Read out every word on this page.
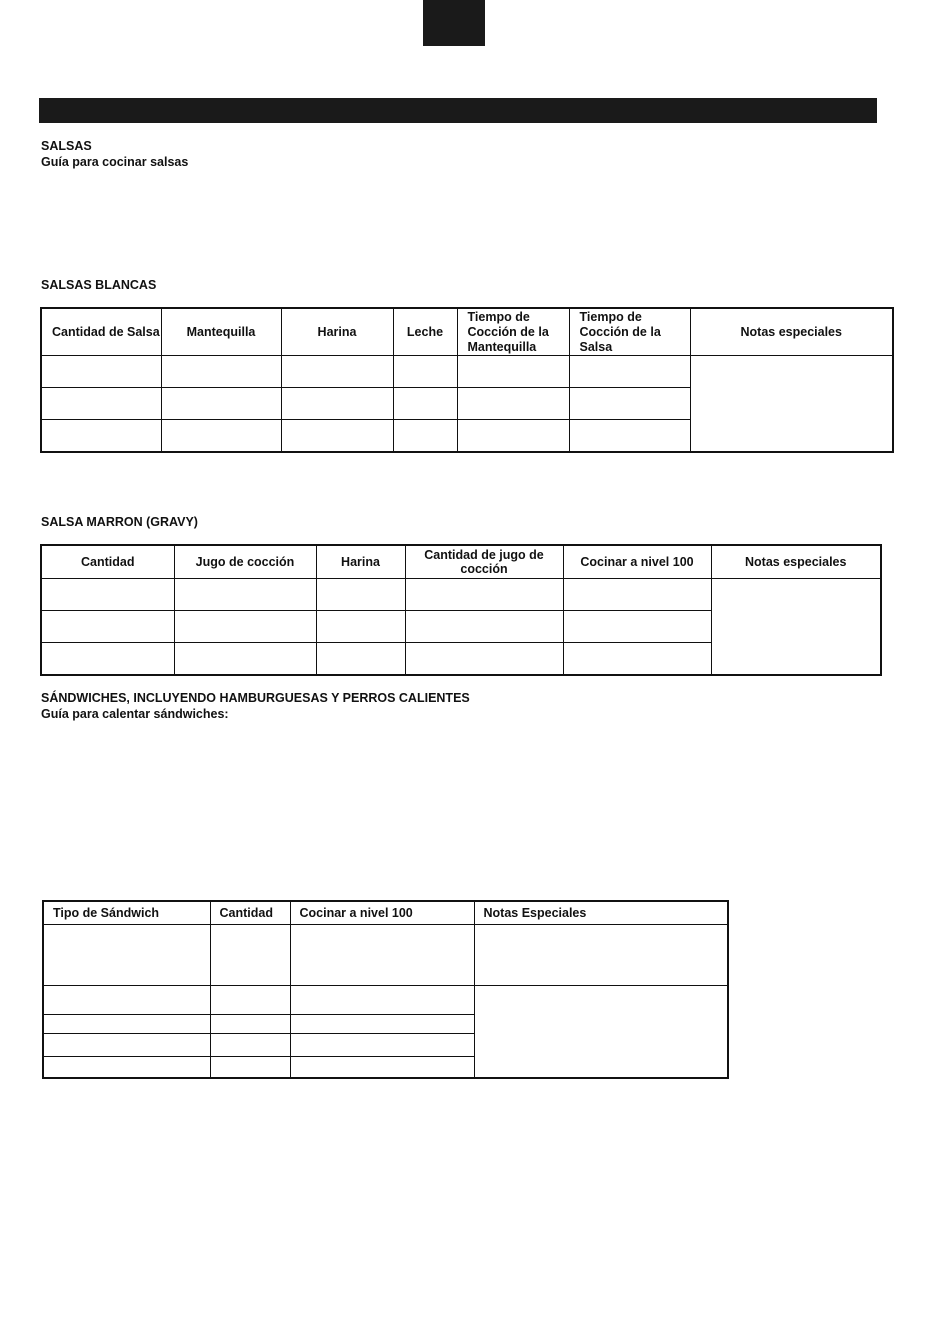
SALSAS

Guía para cocinar salsas

SALSAS BLANCAS

Cantidad de Salsa	Mantequilla	Harina	Leche	Tiempo de Cocción de la Mantequilla	Tiempo de Cocción de la Salsa	Notas especiales

SALSA MARRON (GRAVY)

Cantidad	Jugo de cocción	Harina	Cantidad de jugo de cocción	Cocinar a nivel 100	Notas especiales

SÁNDWICHES, INCLUYENDO HAMBURGUESAS Y PERROS CALIENTES

Guía para calentar sándwiches:

Tipo de Sándwich	Cantidad	Cocinar a nivel 100	Notas Especiales
